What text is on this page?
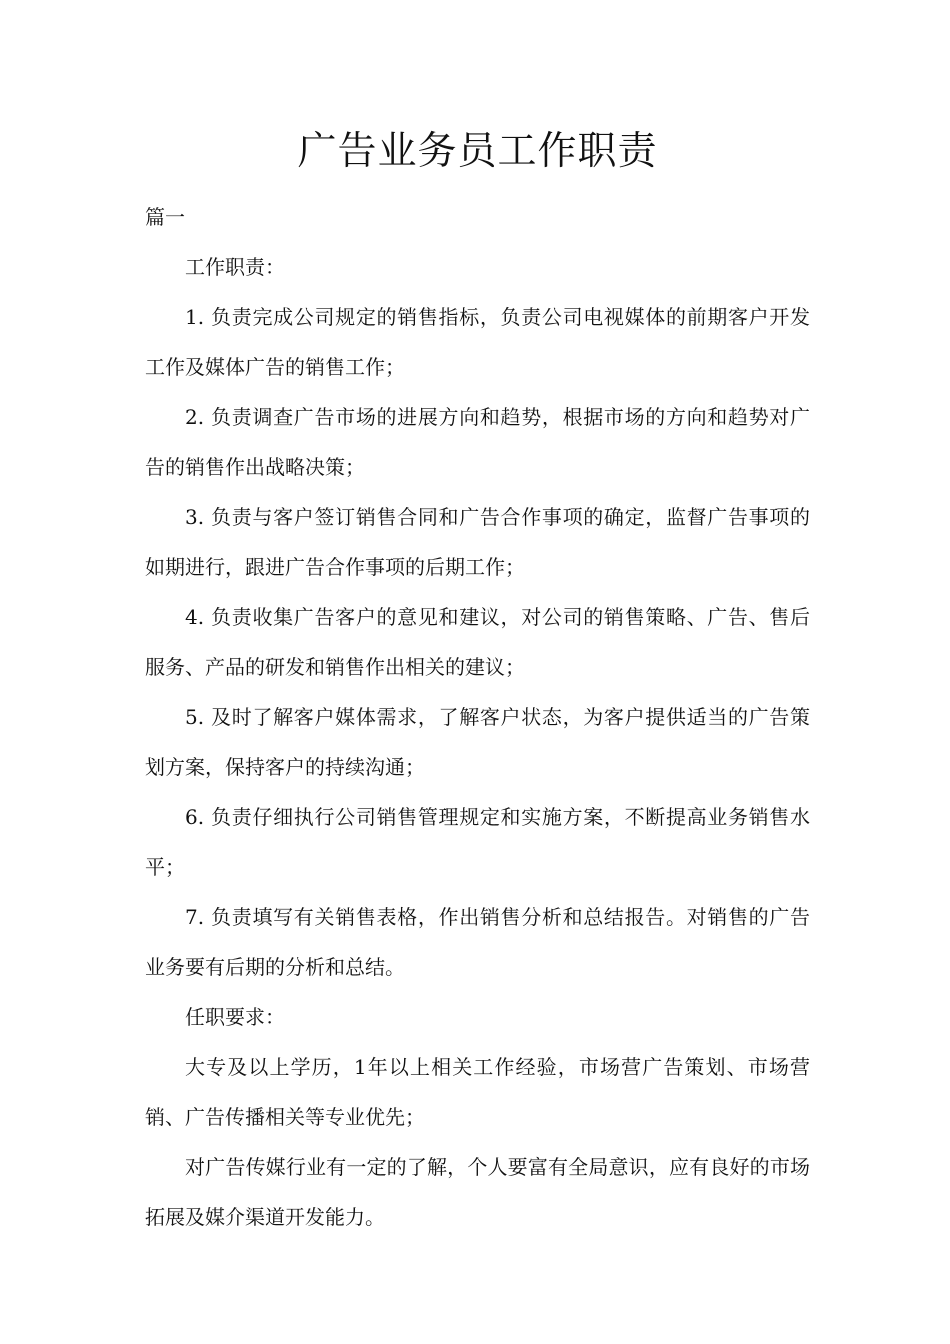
广告业务员工作职责

篇一

工作职责：

1. 负责完成公司规定的销售指标，负责公司电视媒体的前期客户开发工作及媒体广告的销售工作；

2. 负责调查广告市场的进展方向和趋势，根据市场的方向和趋势对广告的销售作出战略决策；

3. 负责与客户签订销售合同和广告合作事项的确定，监督广告事项的如期进行，跟进广告合作事项的后期工作；

4. 负责收集广告客户的意见和建议，对公司的销售策略、广告、售后服务、产品的研发和销售作出相关的建议；

5. 及时了解客户媒体需求，了解客户状态，为客户提供适当的广告策划方案，保持客户的持续沟通；

6. 负责仔细执行公司销售管理规定和实施方案，不断提高业务销售水平；

7. 负责填写有关销售表格，作出销售分析和总结报告。对销售的广告业务要有后期的分析和总结。

任职要求：

大专及以上学历，1年以上相关工作经验，市场营广告策划、市场营销、广告传播相关等专业优先；

对广告传媒行业有一定的了解，个人要富有全局意识，应有良好的市场拓展及媒介渠道开发能力。
